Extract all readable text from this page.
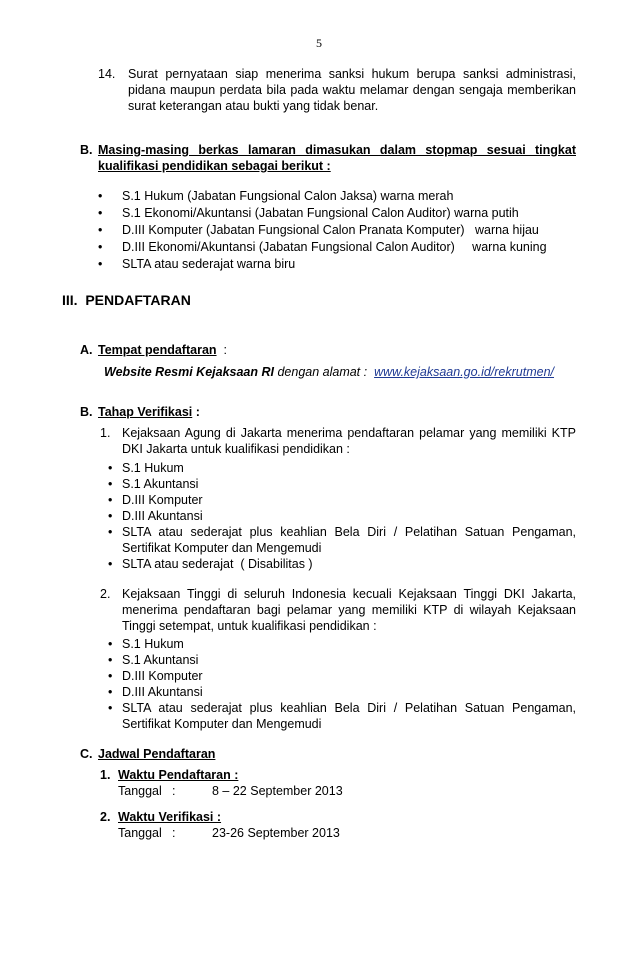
5
14. Surat pernyataan siap menerima sanksi hukum berupa sanksi administrasi, pidana maupun perdata bila pada waktu melamar dengan sengaja memberikan surat keterangan atau bukti yang tidak benar.
B. Masing-masing berkas lamaran dimasukan dalam stopmap sesuai tingkat kualifikasi pendidikan sebagai berikut :
• S.1 Hukum (Jabatan Fungsional Calon Jaksa) warna merah
• S.1 Ekonomi/Akuntansi (Jabatan Fungsional Calon Auditor) warna putih
• D.III Komputer (Jabatan Fungsional Calon Pranata Komputer)   warna hijau
• D.III Ekonomi/Akuntansi (Jabatan Fungsional Calon Auditor)     warna kuning
• SLTA atau sederajat warna biru
III.  PENDAFTARAN
A. Tempat pendaftaran  :
Website Resmi Kejaksaan RI dengan alamat :  www.kejaksaan.go.id/rekrutmen/
B. Tahap Verifikasi :
1. Kejaksaan Agung di Jakarta menerima pendaftaran pelamar yang memiliki KTP DKI Jakarta untuk kualifikasi pendidikan :
• S.1 Hukum
• S.1 Akuntansi
• D.III Komputer
• D.III Akuntansi
• SLTA atau sederajat plus keahlian Bela Diri / Pelatihan Satuan Pengaman, Sertifikat Komputer dan Mengemudi
• SLTA atau sederajat  ( Disabilitas )
2. Kejaksaan Tinggi di seluruh Indonesia kecuali Kejaksaan Tinggi DKI Jakarta, menerima pendaftaran bagi pelamar yang memiliki KTP di wilayah Kejaksaan Tinggi setempat, untuk kualifikasi pendidikan :
• S.1 Hukum
• S.1 Akuntansi
• D.III Komputer
• D.III Akuntansi
• SLTA atau sederajat plus keahlian Bela Diri / Pelatihan Satuan Pengaman, Sertifikat Komputer dan Mengemudi
C. Jadwal Pendaftaran
1. Waktu Pendaftaran :
Tanggal :	8 – 22 September 2013
2. Waktu Verifikasi :
Tanggal :	23-26 September 2013
